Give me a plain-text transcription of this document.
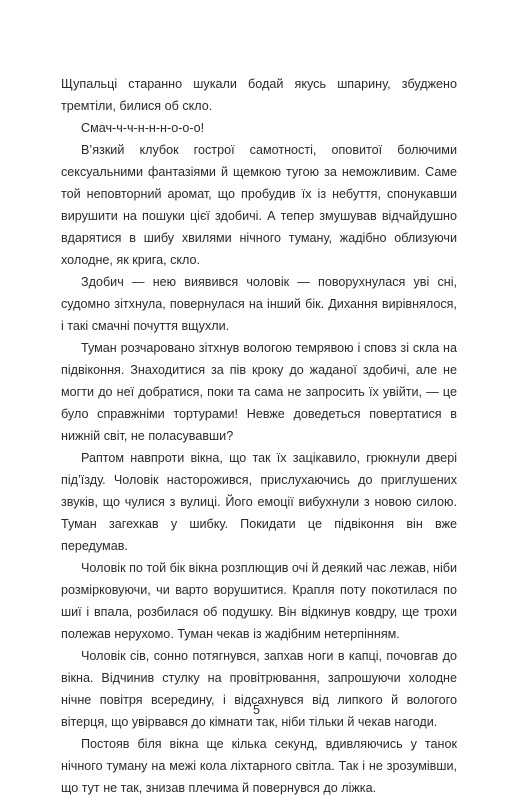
Щупальці старанно шукали бодай якусь шпарину, збуджено тремтіли, билися об скло.

Смач-ч-ч-н-н-н-о-о-о!

В’язкий клубок гострої самотності, оповитої болючими сексуальними фантазіями й щемкою тугою за неможливим. Саме той неповторний аромат, що пробудив їх із небуття, спонукавши вирушити на пошуки цієї здобичі. А тепер змушував відчайдушно вдарятися в шибу хвилями нічного туману, жадібно облизуючи холодне, як крига, скло.

Здобич — нею виявився чоловік — поворухнулася уві сні, судомно зітхнула, повернулася на інший бік. Дихання вирівнялося, і такі смачні почуття вщухли.

Туман розчаровано зітхнув вологою темрявою і сповз зі скла на підвіконня. Знаходитися за пів кроку до жаданої здобичі, але не могти до неї добратися, поки та сама не запросить їх увійти, — це було справжніми тортурами! Невже доведеться повертатися в нижній світ, не поласувавши?

Раптом навпроти вікна, що так їх зацікавило, грюкнули двері під’їзду. Чоловік насторожився, прислухаючись до приглушених звуків, що чулися з вулиці. Його емоції вибухнули з новою силою. Туман загехкав у шибку. Покидати це підвіконня він вже передумав.

Чоловік по той бік вікна розплющив очі й деякий час лежав, ніби розмірковуючи, чи варто ворушитися. Крапля поту покотилася по шиї і впала, розбилася об подушку. Він відкинув ковдру, ще трохи полежав нерухомо. Туман чекав із жадібним нетерпінням.

Чоловік сів, сонно потягнувся, запхав ноги в капці, почовгав до вікна. Відчинив стулку на провітрювання, запрошуючи холодне нічне повітря всередину, і відсахнувся від липкого й вологого вітерця, що увірвався до кімнати так, ніби тільки й чекав нагоди.

Постояв біля вікна ще кілька секунд, вдивляючись у танок нічного туману на межі кола ліхтарного світла. Так і не зрозумівши, що тут не так, знизав плечима й повернувся до ліжка.

5
